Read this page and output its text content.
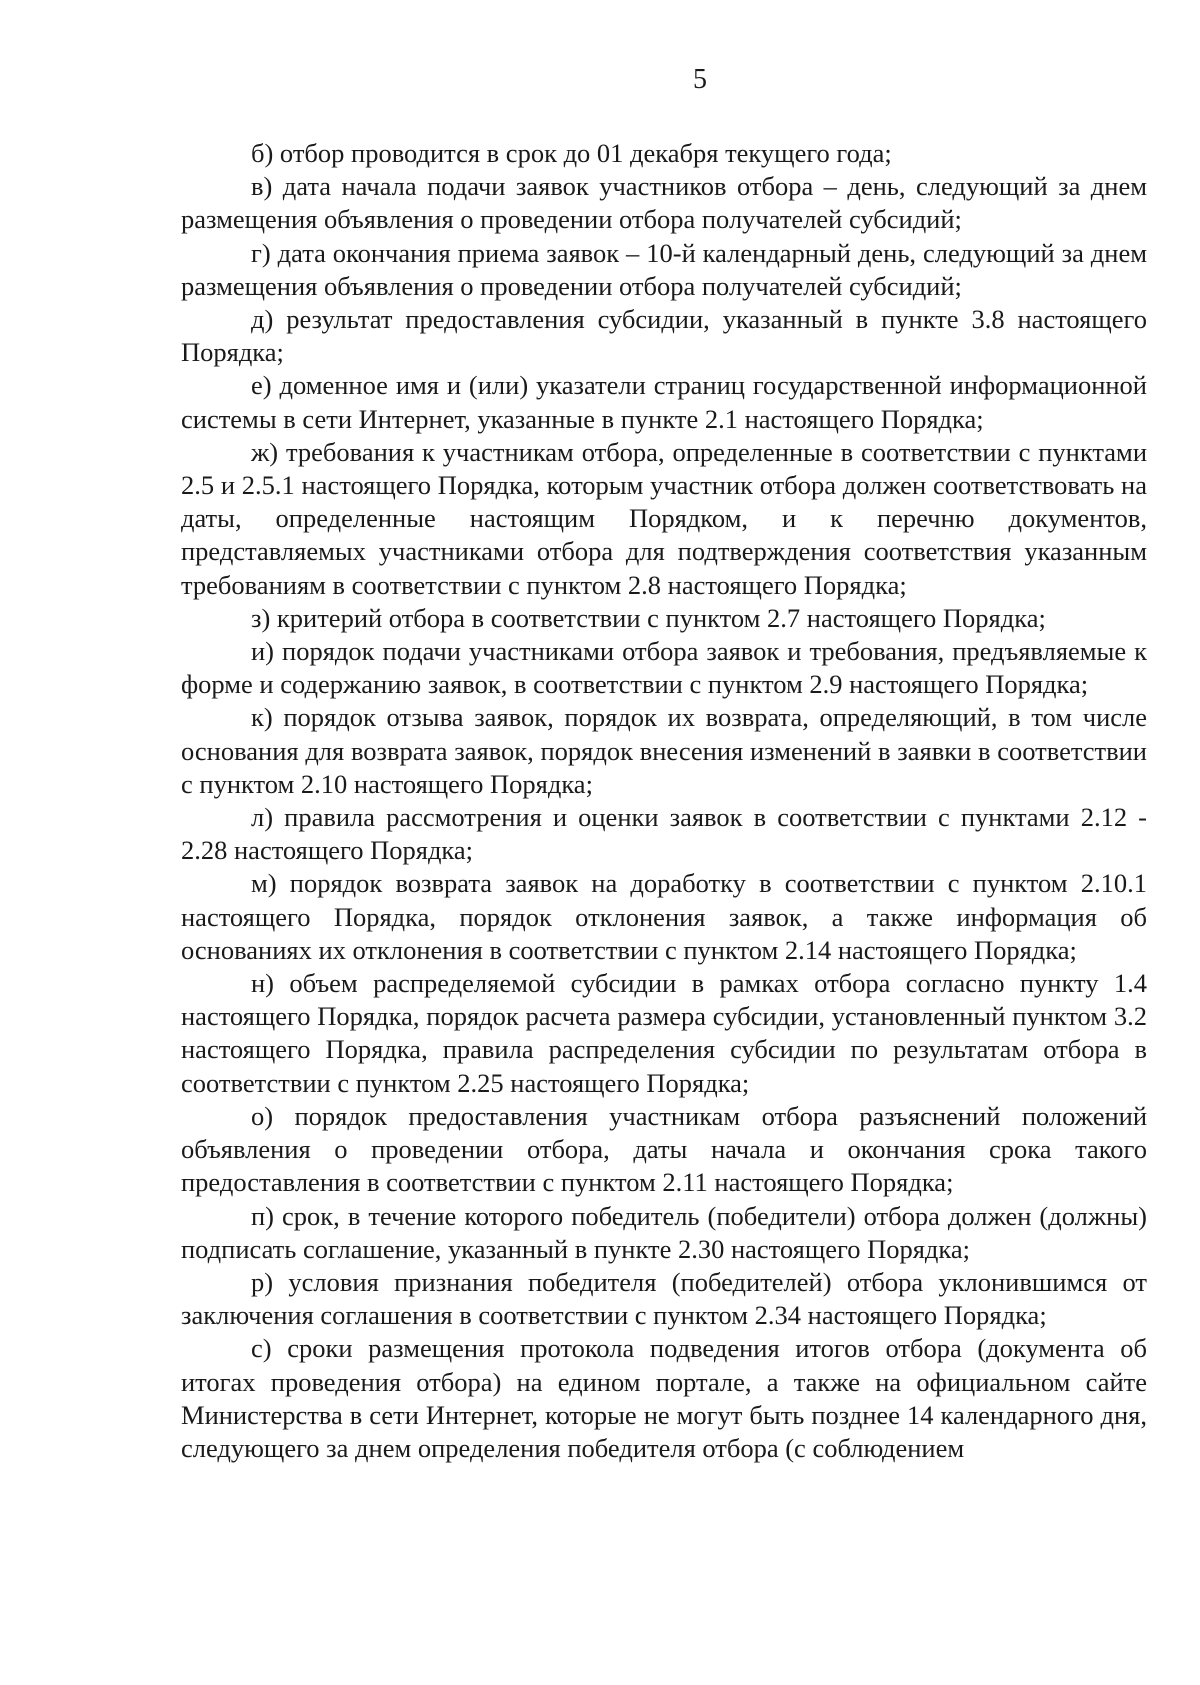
5

б) отбор проводится в срок до 01 декабря текущего года;

в) дата начала подачи заявок участников отбора – день, следующий за днем размещения объявления о проведении отбора получателей субсидий;

г) дата окончания приема заявок – 10-й календарный день, следующий за днем размещения объявления о проведении отбора получателей субсидий;

д) результат предоставления субсидии, указанный в пункте 3.8 настоящего Порядка;

е) доменное имя и (или) указатели страниц государственной информационной системы в сети Интернет, указанные в пункте 2.1 настоящего Порядка;

ж) требования к участникам отбора, определенные в соответствии с пунктами 2.5 и 2.5.1 настоящего Порядка, которым участник отбора должен соответствовать на даты, определенные настоящим Порядком, и к перечню документов, представляемых участниками отбора для подтверждения соответствия указанным требованиям в соответствии с пунктом 2.8 настоящего Порядка;

з) критерий отбора в соответствии с пунктом 2.7 настоящего Порядка;

и) порядок подачи участниками отбора заявок и требования, предъявляемые к форме и содержанию заявок, в соответствии с пунктом 2.9 настоящего Порядка;

к) порядок отзыва заявок, порядок их возврата, определяющий, в том числе основания для возврата заявок, порядок внесения изменений в заявки в соответствии с пунктом 2.10 настоящего Порядка;

л) правила рассмотрения и оценки заявок в соответствии с пунктами 2.12 - 2.28 настоящего Порядка;

м) порядок возврата заявок на доработку в соответствии с пунктом 2.10.1 настоящего Порядка, порядок отклонения заявок, а также информация об основаниях их отклонения в соответствии с пунктом 2.14 настоящего Порядка;

н) объем распределяемой субсидии в рамках отбора согласно пункту 1.4 настоящего Порядка, порядок расчета размера субсидии, установленный пунктом 3.2 настоящего Порядка, правила распределения субсидии по результатам отбора в соответствии с пунктом 2.25 настоящего Порядка;

о) порядок предоставления участникам отбора разъяснений положений объявления о проведении отбора, даты начала и окончания срока такого предоставления в соответствии с пунктом 2.11 настоящего Порядка;

п) срок, в течение которого победитель (победители) отбора должен (должны) подписать соглашение, указанный в пункте 2.30 настоящего Порядка;

р) условия признания победителя (победителей) отбора уклонившимся от заключения соглашения в соответствии с пунктом 2.34 настоящего Порядка;

с) сроки размещения протокола подведения итогов отбора (документа об итогах проведения отбора) на едином портале, а также на официальном сайте Министерства в сети Интернет, которые не могут быть позднее 14 календарного дня, следующего за днем определения победителя отбора (с соблюдением
